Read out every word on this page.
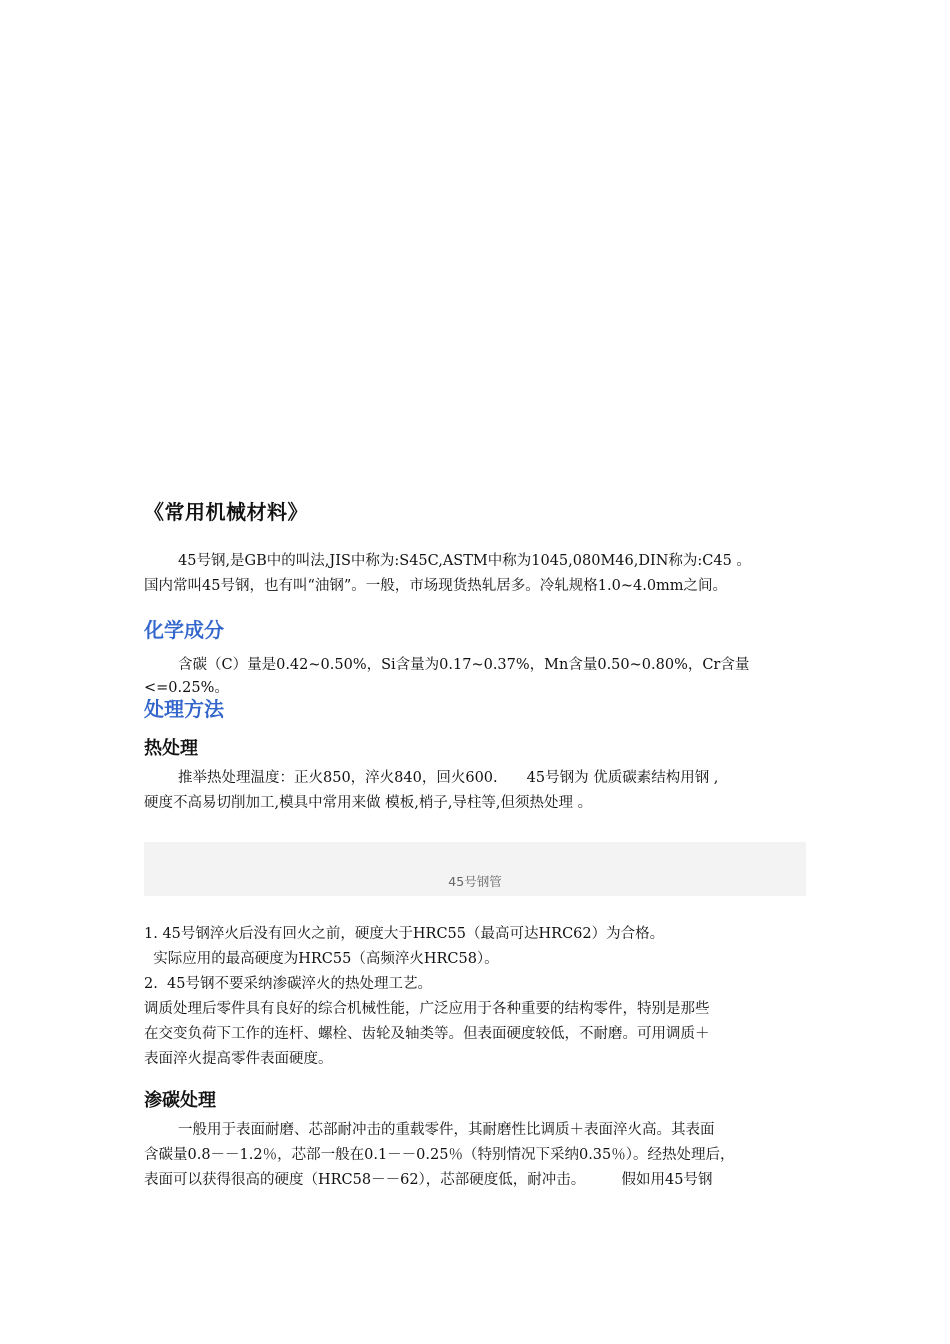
《常用机械材料》

45号钢,是GB中的叫法,JIS中称为:S45C,ASTM中称为1045,080M46,DIN称为:C45 。

国内常叫45号钢，也有叫“油钢”。一般，市场现货热轧居多。冷轧规格1.0~4.0mm之间。

化学成分

含碳（C）量是0.42~0.50%，Si含量为0.17~0.37%，Mn含量0.50~0.80%，Cr含量

<=0.25%。

处理方法
热处理

推举热处理温度：正火850，淬火840，回火600.　　45号钢为 优质碳素结构用钢 ,

硬度不高易切削加工,模具中常用来做 模板,梢子,导柱等,但须热处理 。

45号钢管

1. 45号钢淬火后没有回火之前，硬度大于HRC55（最高可达HRC62）为合格。

实际应用的最高硬度为HRC55（高频淬火HRC58）。

2.  45号钢不要采纳渗碳淬火的热处理工艺。

调质处理后零件具有良好的综合机械性能，广泛应用于各种重要的结构零件，特别是那些

在交变负荷下工作的连杆、螺栓、齿轮及轴类等。但表面硬度较低，不耐磨。可用调质＋

表面淬火提高零件表面硬度。

渗碳处理

一般用于表面耐磨、芯部耐冲击的重载零件，其耐磨性比调质＋表面淬火高。其表面

含碳量0.8－－1.2％，芯部一般在0.1－－0.25％（特别情况下采纳0.35％）。经热处理后，

表面可以获得很高的硬度（HRC58－－62），芯部硬度低，耐冲击。　　　假如用45号钢
